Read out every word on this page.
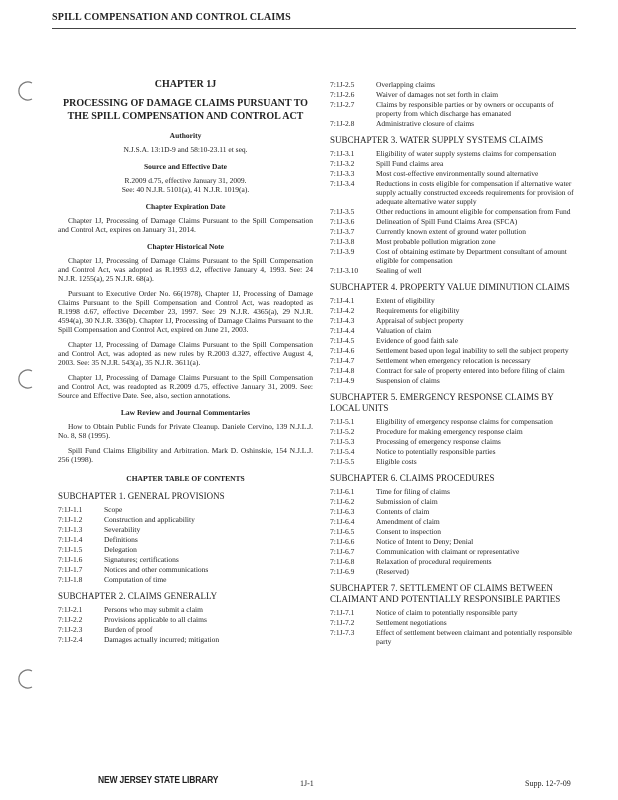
SPILL COMPENSATION AND CONTROL CLAIMS
CHAPTER 1J
PROCESSING OF DAMAGE CLAIMS PURSUANT TO THE SPILL COMPENSATION AND CONTROL ACT
Authority
N.J.S.A. 13:1D-9 and 58:10-23.11 et seq.
Source and Effective Date
R.2009 d.75, effective January 31, 2009.
See: 40 N.J.R. 5101(a), 41 N.J.R. 1019(a).
Chapter Expiration Date
Chapter 1J, Processing of Damage Claims Pursuant to the Spill Compensation and Control Act, expires on January 31, 2014.
Chapter Historical Note
Chapter 1J, Processing of Damage Claims Pursuant to the Spill Compensation and Control Act, was adopted as R.1993 d.2, effective January 4, 1993. See: 24 N.J.R. 1255(a), 25 N.J.R. 68(a).
Pursuant to Executive Order No. 66(1978), Chapter 1J, Processing of Damage Claims Pursuant to the Spill Compensation and Control Act, was readopted as R.1998 d.67, effective December 23, 1997. See: 29 N.J.R. 4365(a), 29 N.J.R. 4594(a), 30 N.J.R. 336(b). Chapter 1J, Processing of Damage Claims Pursuant to the Spill Compensation and Control Act, expired on June 21, 2003.
Chapter 1J, Processing of Damage Claims Pursuant to the Spill Compensation and Control Act, was adopted as new rules by R.2003 d.327, effective August 4, 2003. See: 35 N.J.R. 543(a), 35 N.J.R. 3611(a).
Chapter 1J, Processing of Damage Claims Pursuant to the Spill Compensation and Control Act, was readopted as R.2009 d.75, effective January 31, 2009. See: Source and Effective Date. See, also, section annotations.
Law Review and Journal Commentaries
How to Obtain Public Funds for Private Cleanup. Daniele Cervino, 139 N.J.L.J. No. 8, S8 (1995).
Spill Fund Claims Eligibility and Arbitration. Mark D. Oshinskie, 154 N.J.L.J. 256 (1998).
CHAPTER TABLE OF CONTENTS
SUBCHAPTER 1. GENERAL PROVISIONS
7:1J-1.1	Scope
7:1J-1.2	Construction and applicability
7:1J-1.3	Severability
7:1J-1.4	Definitions
7:1J-1.5	Delegation
7:1J-1.6	Signatures; certifications
7:1J-1.7	Notices and other communications
7:1J-1.8	Computation of time
SUBCHAPTER 2. CLAIMS GENERALLY
7:1J-2.1	Persons who may submit a claim
7:1J-2.2	Provisions applicable to all claims
7:1J-2.3	Burden of proof
7:1J-2.4	Damages actually incurred; mitigation
7:1J-2.5	Overlapping claims
7:1J-2.6	Waiver of damages not set forth in claim
7:1J-2.7	Claims by responsible parties or by owners or occupants of property from which discharge has emanated
7:1J-2.8	Administrative closure of claims
SUBCHAPTER 3. WATER SUPPLY SYSTEMS CLAIMS
7:1J-3.1	Eligibility of water supply systems claims for compensation
7:1J-3.2	Spill Fund claims area
7:1J-3.3	Most cost-effective environmentally sound alternative
7:1J-3.4	Reductions in costs eligible for compensation if alternative water supply actually constructed exceeds requirements for provision of adequate alternative water supply
7:1J-3.5	Other reductions in amount eligible for compensation from Fund
7:1J-3.6	Delineation of Spill Fund Claims Area (SFCA)
7:1J-3.7	Currently known extent of ground water pollution
7:1J-3.8	Most probable pollution migration zone
7:1J-3.9	Cost of obtaining estimate by Department consultant of amount eligible for compensation
7:1J-3.10	Sealing of well
SUBCHAPTER 4. PROPERTY VALUE DIMINUTION CLAIMS
7:1J-4.1	Extent of eligibility
7:1J-4.2	Requirements for eligibility
7:1J-4.3	Appraisal of subject property
7:1J-4.4	Valuation of claim
7:1J-4.5	Evidence of good faith sale
7:1J-4.6	Settlement based upon legal inability to sell the subject property
7:1J-4.7	Settlement when emergency relocation is necessary
7:1J-4.8	Contract for sale of property entered into before filing of claim
7:1J-4.9	Suspension of claims
SUBCHAPTER 5. EMERGENCY RESPONSE CLAIMS BY LOCAL UNITS
7:1J-5.1	Eligibility of emergency response claims for compensation
7:1J-5.2	Procedure for making emergency response claim
7:1J-5.3	Processing of emergency response claims
7:1J-5.4	Notice to potentially responsible parties
7:1J-5.5	Eligible costs
SUBCHAPTER 6. CLAIMS PROCEDURES
7:1J-6.1	Time for filing of claims
7:1J-6.2	Submission of claim
7:1J-6.3	Contents of claim
7:1J-6.4	Amendment of claim
7:1J-6.5	Consent to inspection
7:1J-6.6	Notice of Intent to Deny; Denial
7:1J-6.7	Communication with claimant or representative
7:1J-6.8	Relaxation of procedural requirements
7:1J-6.9	(Reserved)
SUBCHAPTER 7. SETTLEMENT OF CLAIMS BETWEEN CLAIMANT AND POTENTIALLY RESPONSIBLE PARTIES
7:1J-7.1	Notice of claim to potentially responsible party
7:1J-7.2	Settlement negotiations
7:1J-7.3	Effect of settlement between claimant and potentially responsible party
NEW JERSEY STATE LIBRARY	1J-1	Supp. 12-7-09
